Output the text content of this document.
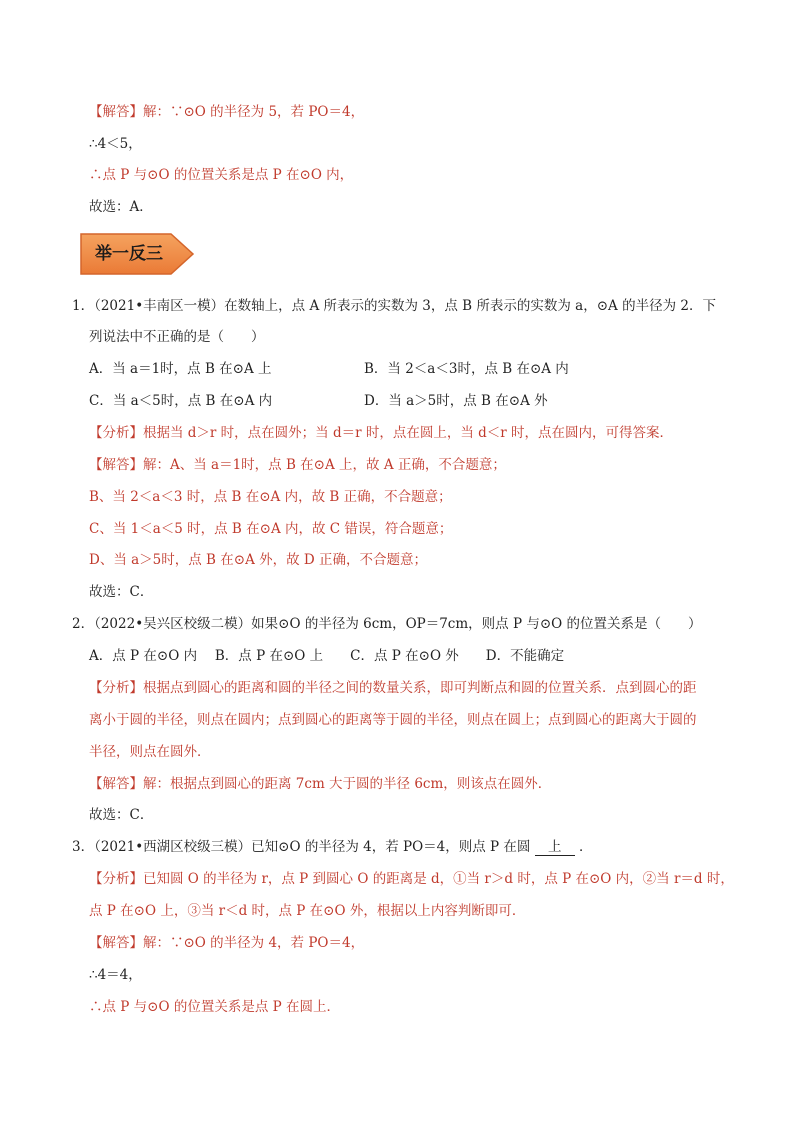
【解答】解：∵⊙O 的半径为 5，若 PO＝4，
∴4＜5，
∴点 P 与⊙O 的位置关系是点 P 在⊙O 内，
故选：A．
举一反三
1．（2021•丰南区一模）在数轴上，点 A 所表示的实数为 3，点 B 所表示的实数为 a，⊙A 的半径为 2．下
列说法中不正确的是（　　）
A．当 a＝1时，点 B 在⊙A 上	B．当 2＜a＜3时，点 B 在⊙A 内
C．当 a＜5时，点 B 在⊙A 内	D．当 a＞5时，点 B 在⊙A 外
【分析】根据当 d＞r 时，点在圆外；当 d＝r 时，点在圆上，当 d＜r 时，点在圆内，可得答案．
【解答】解：A、当 a＝1时，点 B 在⊙A 上，故 A 正确，不合题意；
B、当 2＜a＜3 时，点 B 在⊙A 内，故 B 正确，不合题意；
C、当 1＜a＜5 时，点 B 在⊙A 内，故 C 错误，符合题意；
D、当 a＞5时，点 B 在⊙A 外，故 D 正确，不合题意；
故选：C．
2．（2022•吴兴区校级二模）如果⊙O 的半径为 6cm，OP＝7cm，则点 P 与⊙O 的位置关系是（　　）
A．点 P 在⊙O 内　 B．点 P 在⊙O 上　　C．点 P 在⊙O 外　　D．不能确定
【分析】根据点到圆心的距离和圆的半径之间的数量关系，即可判断点和圆的位置关系．点到圆心的距
离小于圆的半径，则点在圆内；点到圆心的距离等于圆的半径，则点在圆上；点到圆心的距离大于圆的
半径，则点在圆外．
【解答】解：根据点到圆心的距离 7cm 大于圆的半径 6cm，则该点在圆外．
故选：C．
3．（2021•西湖区校级三模）已知⊙O 的半径为 4，若 PO＝4，则点 P 在圆 上 ．
【分析】已知圆 O 的半径为 r，点 P 到圆心 O 的距离是 d，①当 r＞d 时，点 P 在⊙O 内，②当 r＝d 时，
点 P 在⊙O 上，③当 r＜d 时，点 P 在⊙O 外，根据以上内容判断即可．
【解答】解：∵⊙O 的半径为 4，若 PO＝4，
∴4＝4，
∴点 P 与⊙O 的位置关系是点 P 在圆上．
